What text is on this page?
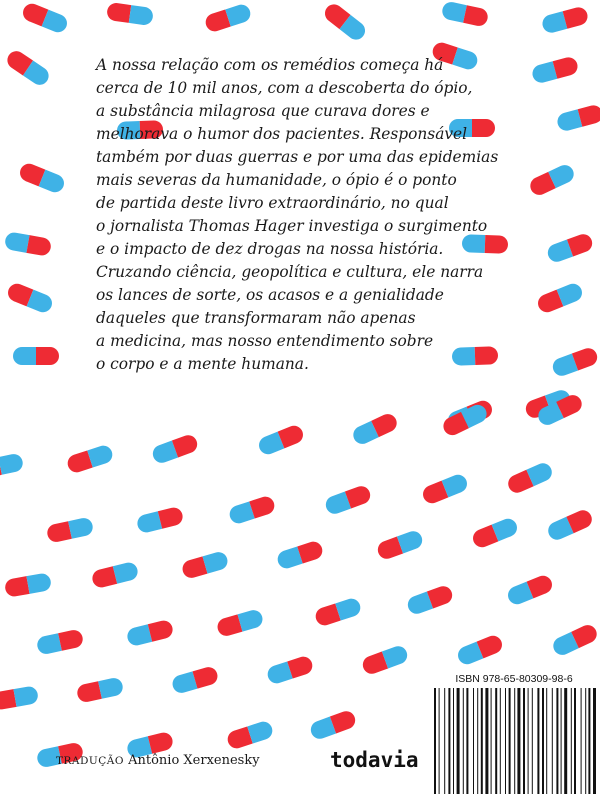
A nossa relação com os remédios começa há
cerca de 10 mil anos, com a descoberta do ópio,
a substância milagrosa que curava dores e
melhorava o humor dos pacientes. Responsável
também por duas guerras e por uma das epidemias
mais severas da humanidade, o ópio é o ponto
de partida deste livro extraordinário, no qual
o jornalista Thomas Hager investiga o surgimento
e o impacto de dez drogas na nossa história.
Cruzando ciência, geopolítica e cultura, ele narra
os lances de sorte, os acasos e a genialidade
daqueles que transformaram não apenas
a medicina, mas nosso entendimento sobre
o corpo e a mente humana.
TRADUÇÃO Antônio Xerxenesky	todavia
ISBN 978-65-80309-98-6
